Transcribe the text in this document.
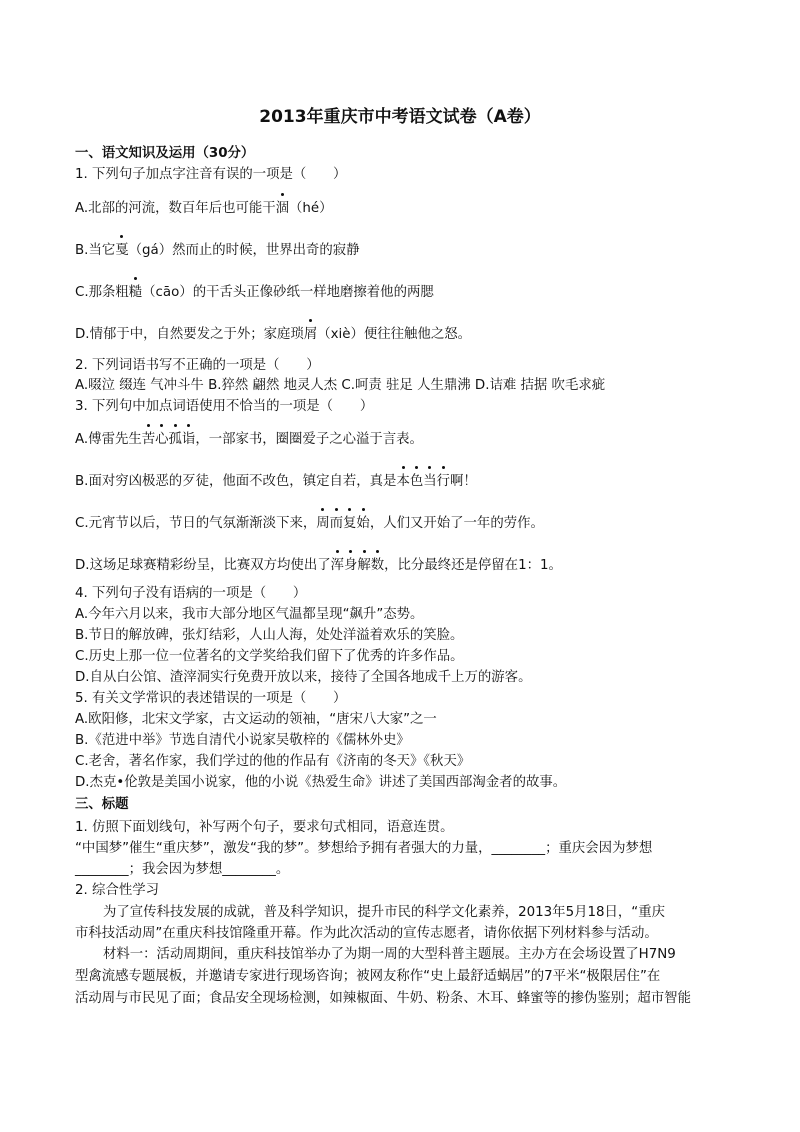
2013年重庆市中考语文试卷（A卷）
一、语文知识及运用（30分）
1. 下列句子加点字注音有误的一项是（　　）
A.北部的河流，数百年后也可能干涸（hé）
B.当它戛（gá）然而止的时候，世界出奇的寂静
C.那条粗糙（cāo）的干舌头正像砂纸一样地磨擦着他的两腮
D.情郁于中，自然要发之于外；家庭琐屑（xiè）便往往触他之怒。
2. 下列词语书写不正确的一项是（　　）
A.啜泣 缀连 气冲斗牛 B.猝然 翩然 地灵人杰 C.呵责 驻足 人生鼎沸 D.诘难 拮据 吹毛求疵
3. 下列句中加点词语使用不恰当的一项是（　　）
A.傅雷先生苦心孤诣，一部家书，圈圈爱子之心溢于言表。
B.面对穷凶极恶的歹徒，他面不改色，镇定自若，真是本色当行啊！
C.元宵节以后，节日的气氛渐渐淡下来，周而复始，人们又开始了一年的劳作。
D.这场足球赛精彩纷呈，比赛双方均使出了浑身解数，比分最终还是停留在1：1。
4. 下列句子没有语病的一项是（　　）
A.今年六月以来，我市大部分地区气温都呈现“飙升”态势。
B.节日的解放碑，张灯结彩，人山人海，处处洋溢着欢乐的笑脸。
C.历史上那一位一位著名的文学奖给我们留下了优秀的许多作品。
D.自从白公馆、渣滓洞实行免费开放以来，接待了全国各地成千上万的游客。
5. 有关文学常识的表述错误的一项是（　　）
A.欧阳修，北宋文学家，古文运动的领袖，“唐宋八大家”之一
B.《范进中举》节选自清代小说家吴敬梓的《儒林外史》
C.老舍，著名作家，我们学过的他的作品有《济南的冬天》《秋天》
D.杰克•伦敦是美国小说家，他的小说《热爱生命》讲述了美国西部淘金者的故事。
三、标题
1. 仿照下面划线句，补写两个句子，要求句式相同，语意连贯。
“中国梦”催生“重庆梦”，激发“我的梦”。梦想给予拥有者强大的力量，________；重庆会因为梦想
________；我会因为梦想________。
2. 综合性学习
为了宣传科技发展的成就，普及科学知识，提升市民的科学文化素养，2013年5月18日，“重庆
市科技活动周”在重庆科技馆隆重开幕。作为此次活动的宣传志愿者，请你依据下列材料参与活动。
材料一：活动周期间，重庆科技馆举办了为期一周的大型科普主题展。主办方在会场设置了H7N9
型禽流感专题展板，并邀请专家进行现场咨询；被网友称作“史上最舒适蜗居”的7平米“极限居住”在
活动周与市民见了面；食品安全现场检测，如辣椒面、牛奶、粉条、木耳、蜂蜜等的掺伪鉴别；超市智能
